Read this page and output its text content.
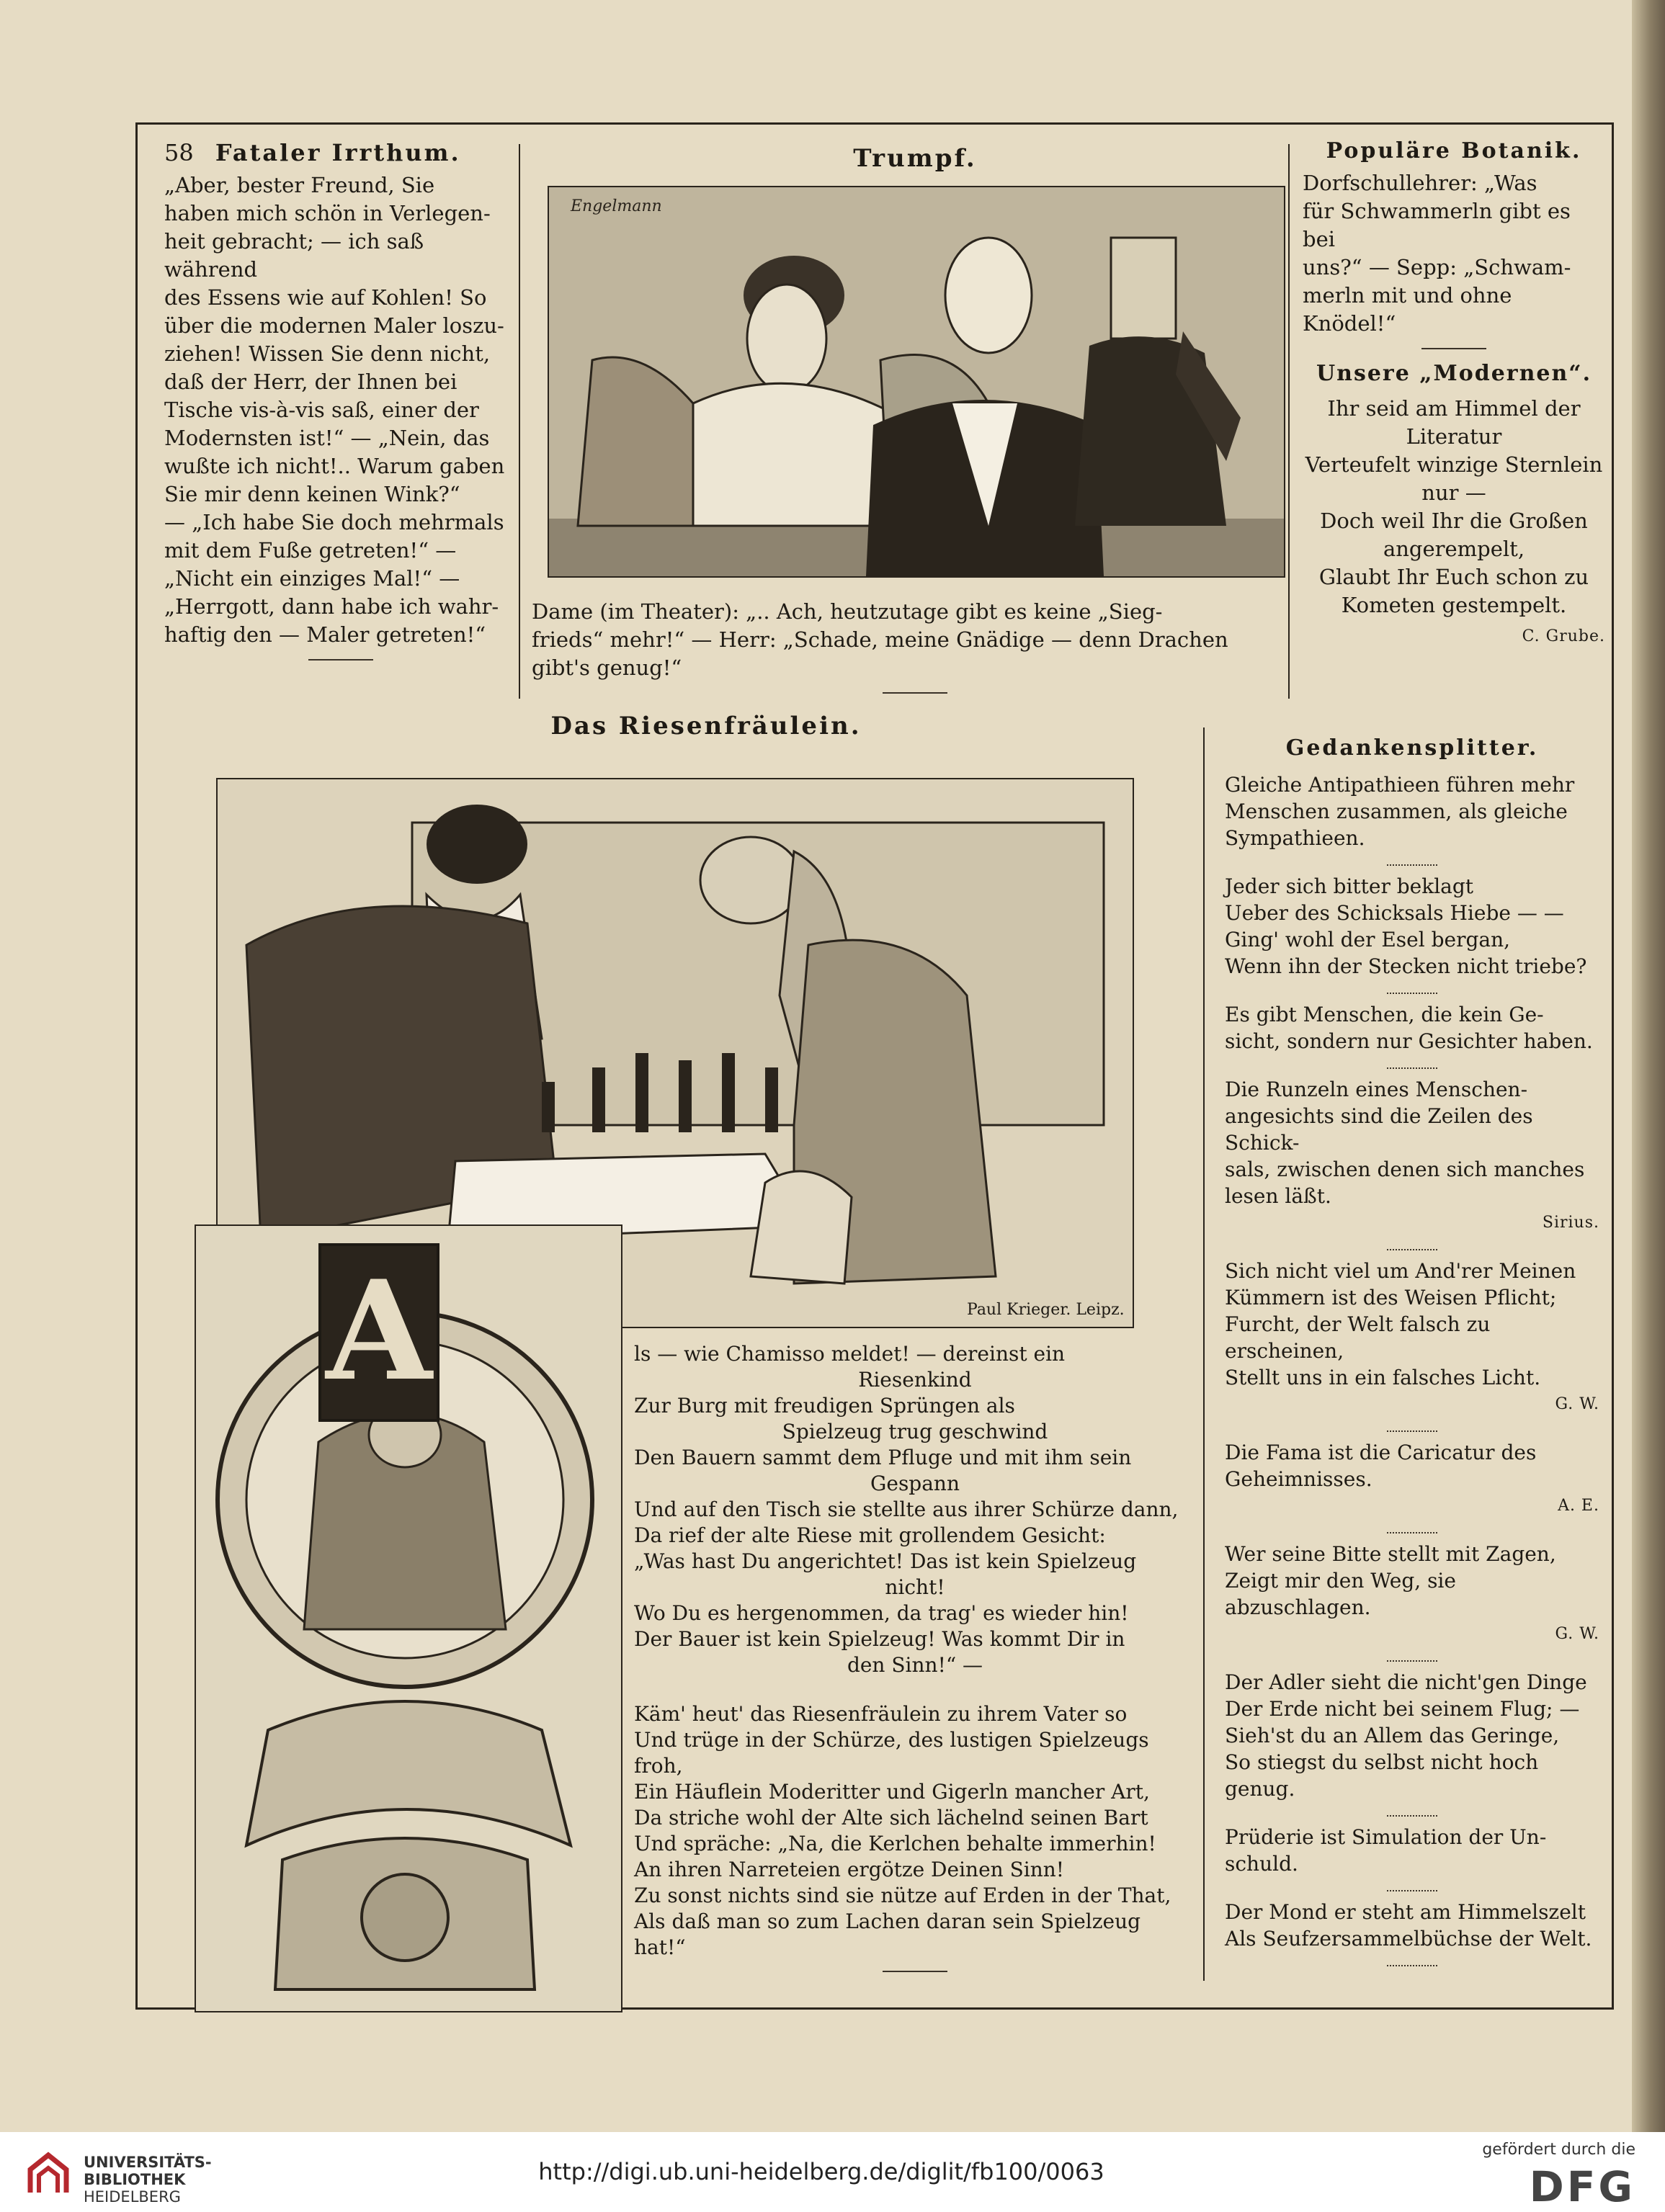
58 Fataler Irrthum.

„Aber, bester Freund, Sie

haben mich schön in Verlegen-

heit gebracht; — ich saß während

des Essens wie auf Kohlen! So

über die modernen Maler loszu-

ziehen! Wissen Sie denn nicht,

daß der Herr, der Ihnen bei

Tische vis-à-vis saß, einer der

Modernsten ist!“ — „Nein, das

wußte ich nicht!.. Warum gaben

Sie mir denn keinen Wink?“

— „Ich habe Sie doch mehrmals

mit dem Fuße getreten!“ —

„Nicht ein einziges Mal!“ —

„Herrgott, dann habe ich wahr-

haftig den — Maler getreten!“

Trumpf.
Engelmann

Dame (im Theater): „.. Ach, heutzutage gibt es keine „Sieg-

frieds“ mehr!“ — Herr: „Schade, meine Gnädige — denn Drachen

gibt's genug!“

Populäre Botanik.

Dorfschullehrer: „Was

für Schwammerln gibt es bei

uns?“ — Sepp: „Schwam-

merln mit und ohne Knödel!“

Unsere „Modernen“.

Ihr seid am Himmel der

Literatur

Verteufelt winzige Sternlein

nur —

Doch weil Ihr die Großen

angerempelt,

Glaubt Ihr Euch schon zu

Kometen gestempelt.

C. Grube.
Das Riesenfräulein.
Paul Krieger. Leipz.
A	ls — wie Chamisso meldet! — dereinst ein

Riesenkind

Zur Burg mit freudigen Sprüngen als

Spielzeug trug geschwind

Den Bauern sammt dem Pfluge und mit ihm sein

Gespann

Und auf den Tisch sie stellte aus ihrer Schürze dann,

Da rief der alte Riese mit grollendem Gesicht:

„Was hast Du angerichtet! Das ist kein Spielzeug

nicht!

Wo Du es hergenommen, da trag' es wieder hin!

Der Bauer ist kein Spielzeug! Was kommt Dir in

den Sinn!“ —

Käm' heut' das Riesenfräulein zu ihrem Vater so

Und trüge in der Schürze, des lustigen Spielzeugs froh,

Ein Häuflein Moderitter und Gigerln mancher Art,

Da striche wohl der Alte sich lächelnd seinen Bart

Und spräche: „Na, die Kerlchen behalte immerhin!

An ihren Narreteien ergötze Deinen Sinn!

Zu sonst nichts sind sie nütze auf Erden in der That,

Als daß man so zum Lachen daran sein Spielzeug hat!“

Gedankensplitter.

Gleiche Antipathieen führen mehr

Menschen zusammen, als gleiche

Sympathieen.

Jeder sich bitter beklagt

Ueber des Schicksals Hiebe — —

Ging' wohl der Esel bergan,

Wenn ihn der Stecken nicht triebe?

Es gibt Menschen, die kein Ge-

sicht, sondern nur Gesichter haben.

Die Runzeln eines Menschen-

angesichts sind die Zeilen des Schick-

sals, zwischen denen sich manches

lesen läßt.

Sirius.

Sich nicht viel um And'rer Meinen

Kümmern ist des Weisen Pflicht;

Furcht, der Welt falsch zu erscheinen,

Stellt uns in ein falsches Licht.

G. W.

Die Fama ist die Caricatur des

Geheimnisses.

A. E.

Wer seine Bitte stellt mit Zagen,

Zeigt mir den Weg, sie abzuschlagen.

G. W.

Der Adler sieht die nicht'gen Dinge

Der Erde nicht bei seinem Flug; —

Sieh'st du an Allem das Geringe,

So stiegst du selbst nicht hoch genug.

Prüderie ist Simulation der Un-

schuld.

Der Mond er steht am Himmelszelt

Als Seufzersammelbüchse der Welt.

UNIVERSITÄTS-
BIBLIOTHEK
HEIDELBERG
http://digi.ub.uni-heidelberg.de/diglit/fb100/0063
gefördert durch die
DFG
